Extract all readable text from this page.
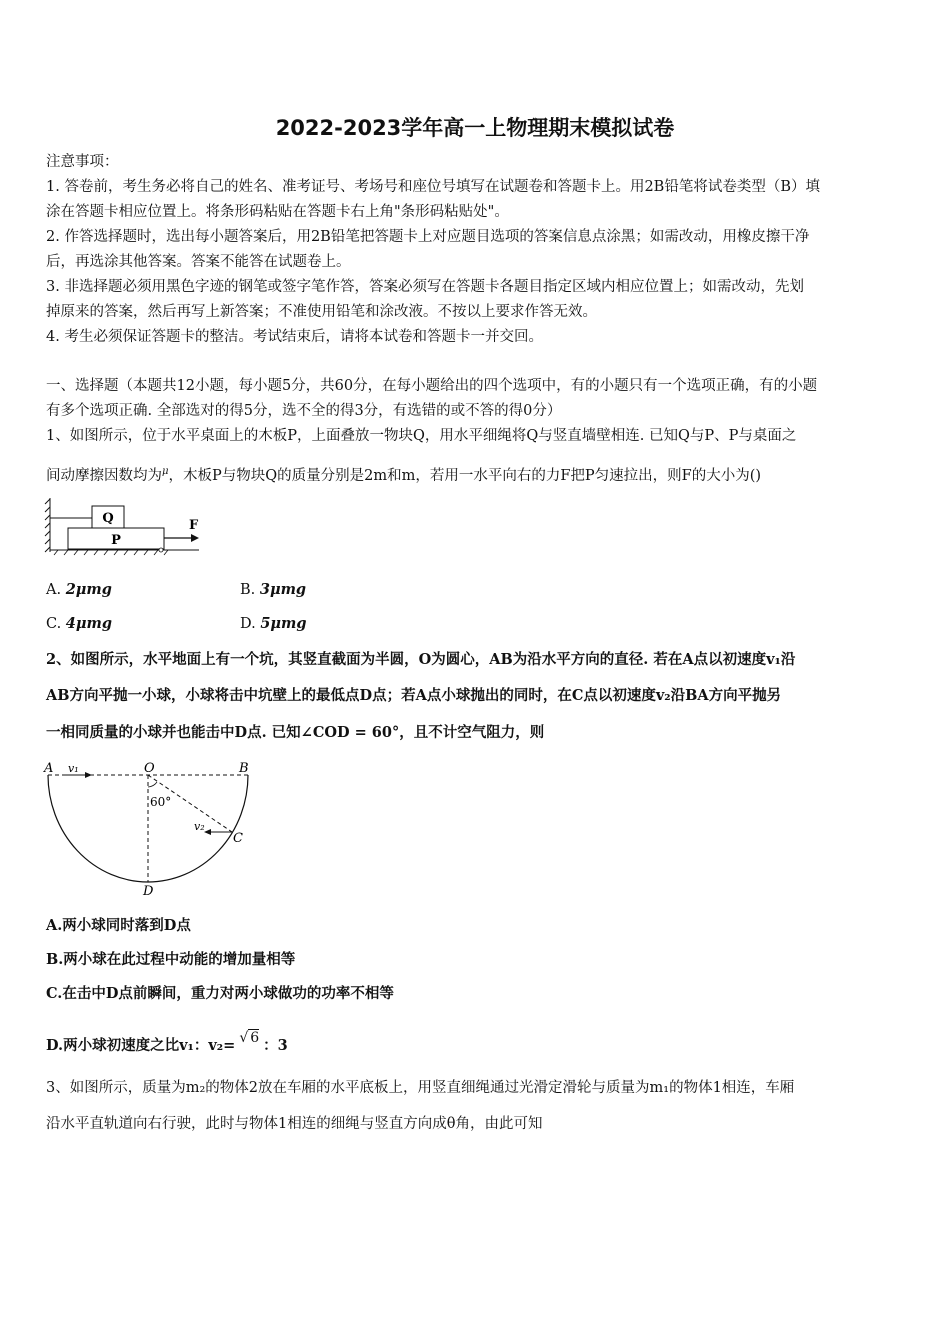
2022-2023学年高一上物理期末模拟试卷
注意事项：
1. 答卷前，考生务必将自己的姓名、准考证号、考场号和座位号填写在试题卷和答题卡上。用2B铅笔将试卷类型（B）填
涂在答题卡相应位置上。将条形码粘贴在答题卡右上角"条形码粘贴处"。
2. 作答选择题时，选出每小题答案后，用2B铅笔把答题卡上对应题目选项的答案信息点涂黑；如需改动，用橡皮擦干净
后，再选涂其他答案。答案不能答在试题卷上。
3. 非选择题必须用黑色字迹的钢笔或签字笔作答，答案必须写在答题卡各题目指定区域内相应位置上；如需改动，先划
掉原来的答案，然后再写上新答案；不准使用铅笔和涂改液。不按以上要求作答无效。
4. 考生必须保证答题卡的整洁。考试结束后，请将本试卷和答题卡一并交回。
一、选择题（本题共12小题，每小题5分，共60分，在每小题给出的四个选项中，有的小题只有一个选项正确，有的小题
有多个选项正确. 全部选对的得5分，选不全的得3分，有选错的或不答的得0分）
1、如图所示，位于水平桌面上的木板P，上面叠放一物块Q，用水平细绳将Q与竖直墙壁相连. 已知Q与P、P与桌面之
间动摩擦因数均为$^\mu$，木板P与物块Q的质量分别是2m和m，若用一水平向右的力F把P匀速拉出，则F的大小为()
Q
P
F
A. 2μmg	B. 3μmg
C. 4μmg	D. 5μmg
2、如图所示，水平地面上有一个坑，其竖直截面为半圆，O为圆心，AB为沿水平方向的直径. 若在A点以初速度v₁沿
AB方向平抛一小球，小球将击中坑壁上的最低点D点；若A点小球抛出的同时，在C点以初速度v₂沿BA方向平抛另
一相同质量的小球并也能击中D点. 已知∠COD = 60°，且不计空气阻力，则
A v₁	O	B
60°
v₂
C
D
A.两小球同时落到D点
B.两小球在此过程中动能的增加量相等
C.在击中D点前瞬间，重力对两小球做功的功率不相等
D.两小球初速度之比v₁：v₂= √ 6 ：3
3、如图所示，质量为m₂的物体2放在车厢的水平底板上，用竖直细绳通过光滑定滑轮与质量为m₁的物体1相连，车厢
沿水平直轨道向右行驶，此时与物体1相连的细绳与竖直方向成θ角，由此可知
